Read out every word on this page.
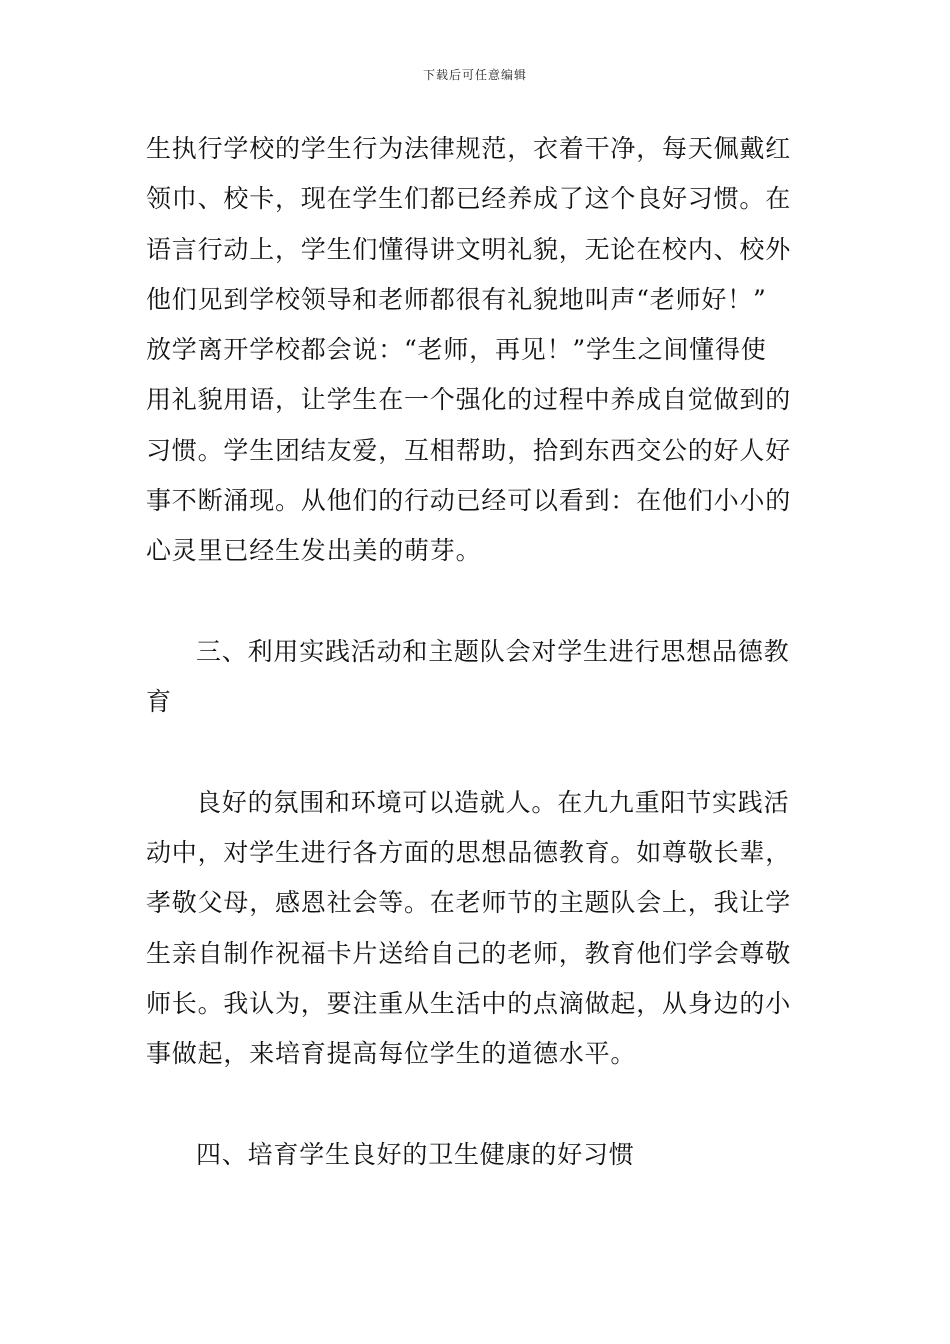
下载后可任意编辑
生执行学校的学生行为法律规范，衣着干净，每天佩戴红
领巾、校卡，现在学生们都已经养成了这个良好习惯。在
语言行动上，学生们懂得讲文明礼貌，无论在校内、校外
他们见到学校领导和老师都很有礼貌地叫声“老师好！”
放学离开学校都会说：“老师，再见！”学生之间懂得使
用礼貌用语，让学生在一个强化的过程中养成自觉做到的
习惯。学生团结友爱，互相帮助，拾到东西交公的好人好
事不断涌现。从他们的行动已经可以看到：在他们小小的
心灵里已经生发出美的萌芽。
三、利用实践活动和主题队会对学生进行思想品德教
育
良好的氛围和环境可以造就人。在九九重阳节实践活
动中，对学生进行各方面的思想品德教育。如尊敬长辈，
孝敬父母，感恩社会等。在老师节的主题队会上，我让学
生亲自制作祝福卡片送给自己的老师，教育他们学会尊敬
师长。我认为，要注重从生活中的点滴做起，从身边的小
事做起，来培育提高每位学生的道德水平。
四、培育学生良好的卫生健康的好习惯
